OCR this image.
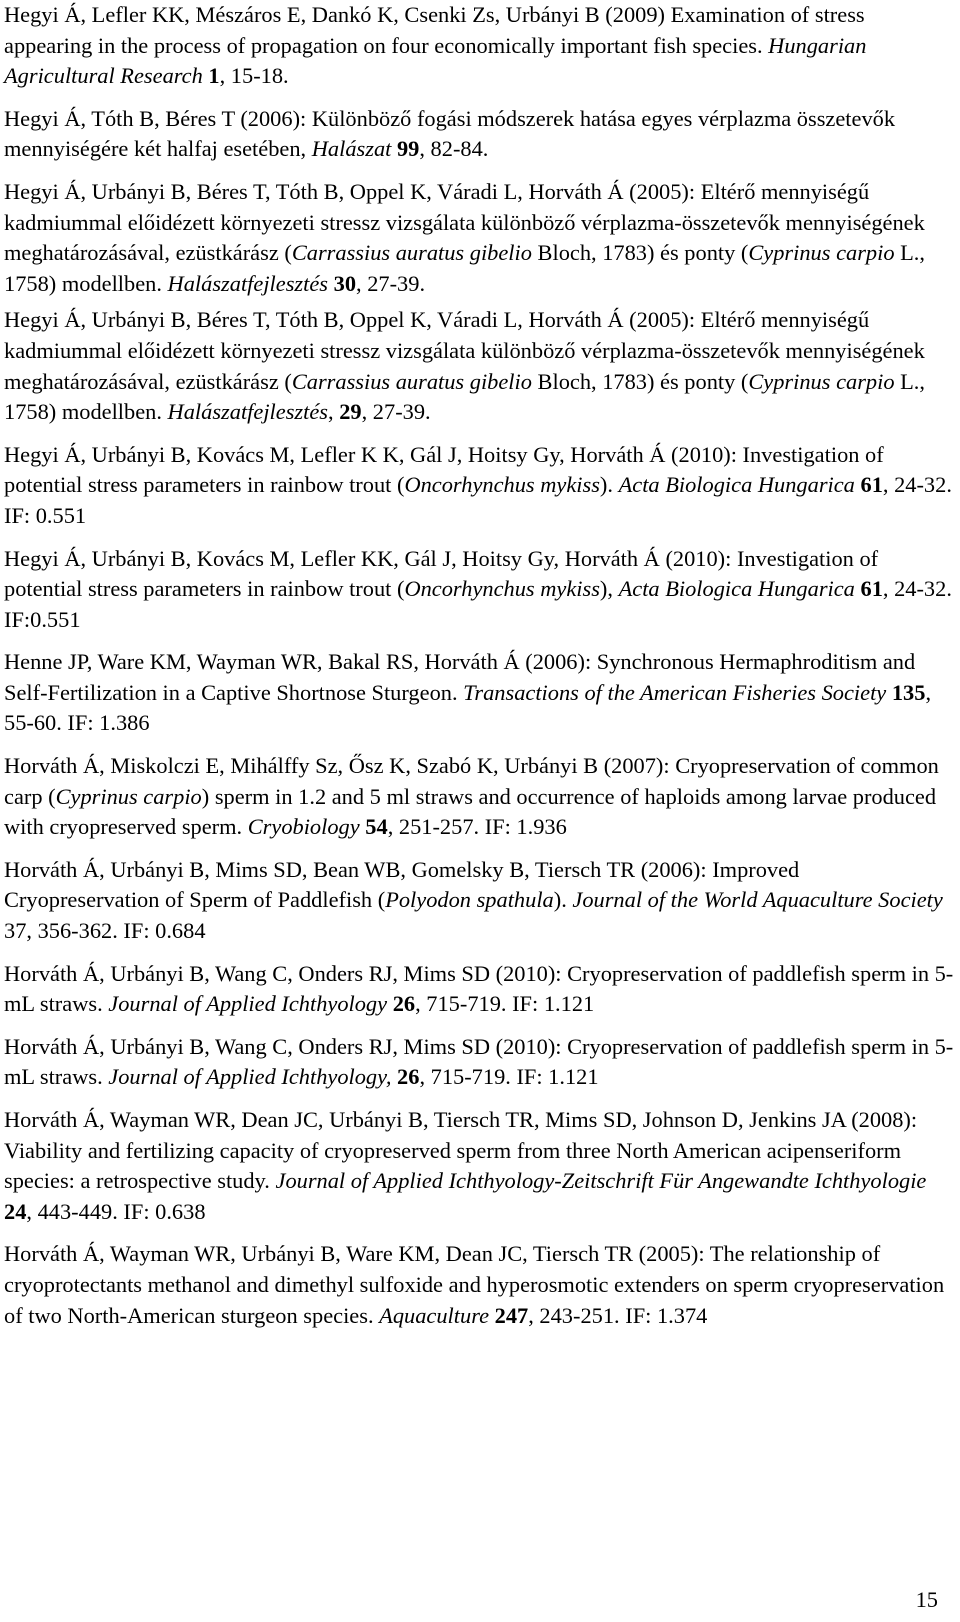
Hegyi Á, Lefler KK, Mészáros E, Dankó K, Csenki Zs, Urbányi B (2009) Examination of stress appearing in the process of propagation on four economically important fish species. Hungarian Agricultural Research 1, 15-18.

Hegyi Á, Tóth B, Béres T (2006): Különböző fogási módszerek hatása egyes vérplazma összetevők mennyiségére két halfaj esetében, Halászat 99, 82-84.

Hegyi Á, Urbányi B, Béres T, Tóth B, Oppel K, Váradi L, Horváth Á (2005): Eltérő mennyiségű kadmiummal előidézett környezeti stressz vizsgálata különböző vérplazma-összetevők mennyiségének meghatározásával, ezüstkárász (Carrassius auratus gibelio Bloch, 1783) és ponty (Cyprinus carpio L., 1758) modellben. Halászatfejlesztés 30, 27-39.

Hegyi Á, Urbányi B, Béres T, Tóth B, Oppel K, Váradi L, Horváth Á (2005): Eltérő mennyiségű kadmiummal előidézett környezeti stressz vizsgálata különböző vérplazma-összetevők mennyiségének meghatározásával, ezüstkárász (Carrassius auratus gibelio Bloch, 1783) és ponty (Cyprinus carpio L., 1758) modellben. Halászatfejlesztés, 29, 27-39.

Hegyi Á, Urbányi B, Kovács M, Lefler K K, Gál J, Hoitsy Gy, Horváth Á (2010): Investigation of potential stress parameters in rainbow trout (Oncorhynchus mykiss). Acta Biologica Hungarica 61, 24-32. IF: 0.551

Hegyi Á, Urbányi B, Kovács M, Lefler KK, Gál J, Hoitsy Gy, Horváth Á (2010): Investigation of potential stress parameters in rainbow trout (Oncorhynchus mykiss), Acta Biologica Hungarica 61, 24-32. IF:0.551

Henne JP, Ware KM, Wayman WR, Bakal RS, Horváth Á (2006): Synchronous Hermaphroditism and Self-Fertilization in a Captive Shortnose Sturgeon. Transactions of the American Fisheries Society 135, 55-60. IF: 1.386

Horváth Á, Miskolczi E, Mihálffy Sz, Ősz K, Szabó K, Urbányi B (2007): Cryopreservation of common carp (Cyprinus carpio) sperm in 1.2 and 5 ml straws and occurrence of haploids among larvae produced with cryopreserved sperm. Cryobiology 54, 251-257. IF: 1.936

Horváth Á, Urbányi B, Mims SD, Bean WB, Gomelsky B, Tiersch TR (2006): Improved Cryopreservation of Sperm of Paddlefish (Polyodon spathula). Journal of the World Aquaculture Society 37, 356-362. IF: 0.684

Horváth Á, Urbányi B, Wang C, Onders RJ, Mims SD (2010): Cryopreservation of paddlefish sperm in 5-mL straws. Journal of Applied Ichthyology 26, 715-719. IF: 1.121

Horváth Á, Urbányi B, Wang C, Onders RJ, Mims SD (2010): Cryopreservation of paddlefish sperm in 5-mL straws. Journal of Applied Ichthyology, 26, 715-719. IF: 1.121

Horváth Á, Wayman WR, Dean JC, Urbányi B, Tiersch TR, Mims SD, Johnson D, Jenkins JA (2008): Viability and fertilizing capacity of cryopreserved sperm from three North American acipenseriform species: a retrospective study. Journal of Applied Ichthyology-Zeitschrift Für Angewandte Ichthyologie 24, 443-449. IF: 0.638

Horváth Á, Wayman WR, Urbányi B, Ware KM, Dean JC, Tiersch TR (2005): The relationship of cryoprotectants methanol and dimethyl sulfoxide and hyperosmotic extenders on sperm cryopreservation of two North-American sturgeon species. Aquaculture 247, 243-251. IF: 1.374

15
